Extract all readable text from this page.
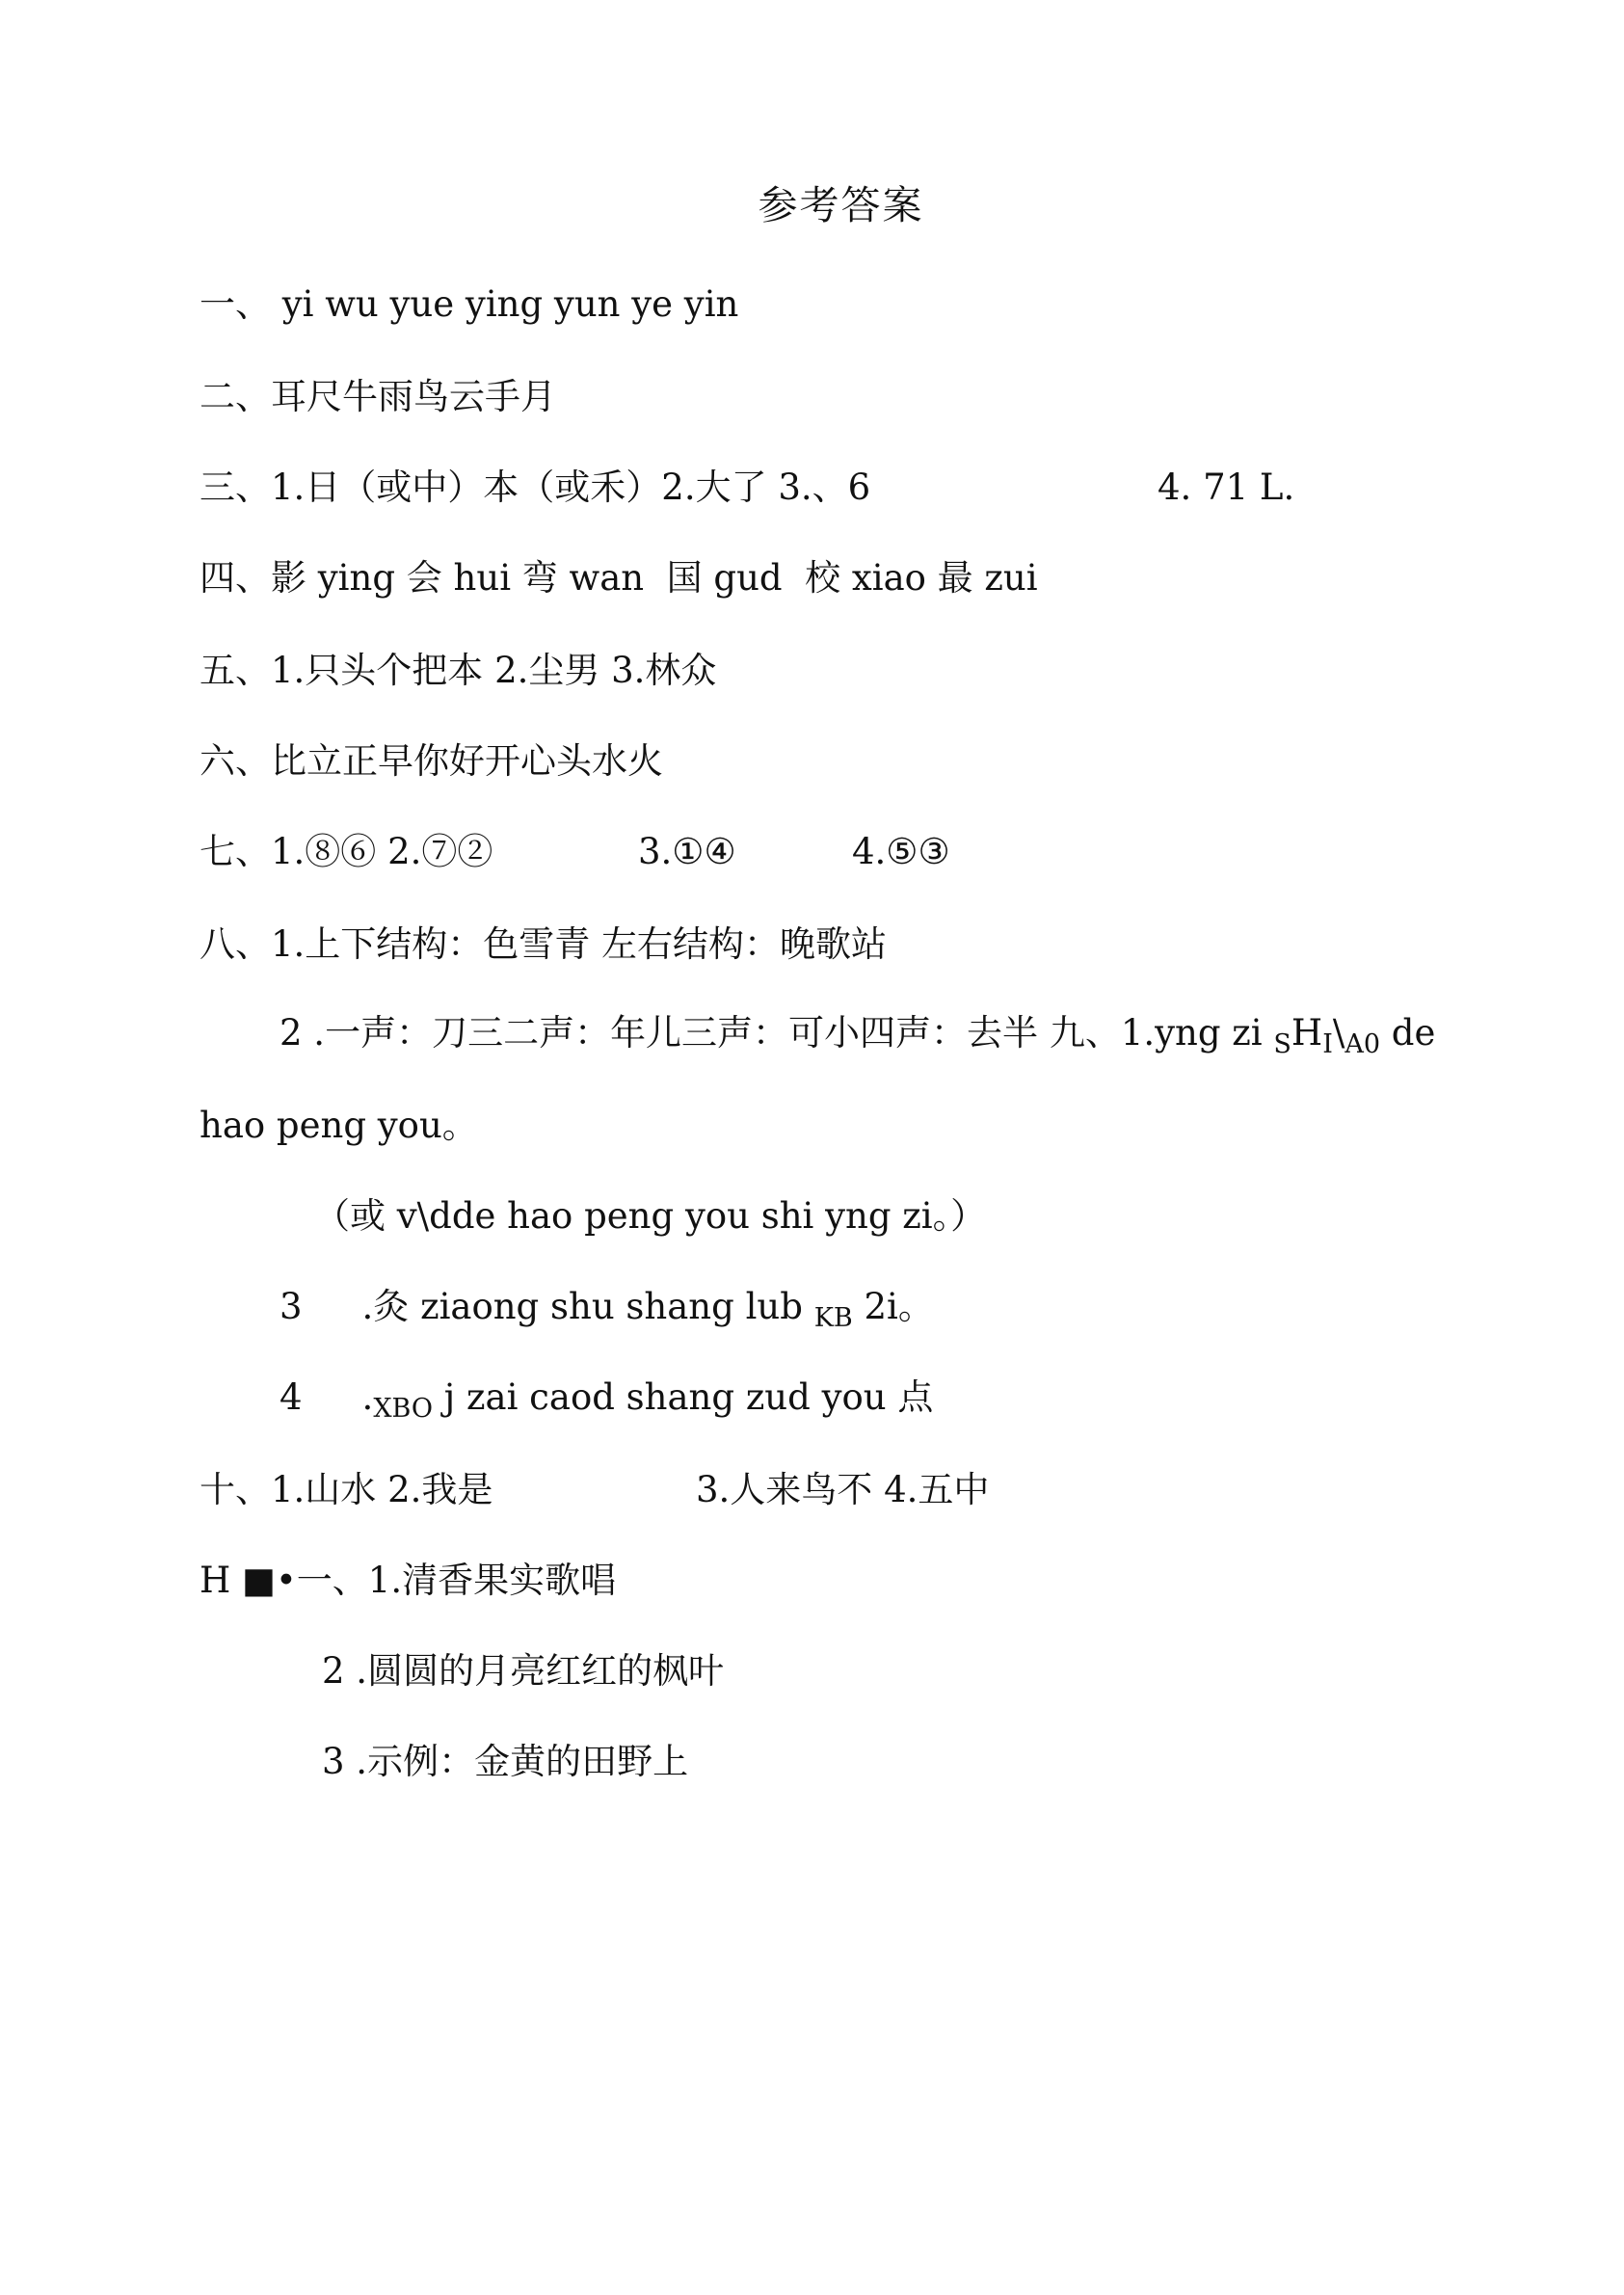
参考答案
一、 yi wu yue ying yun ye yin
二、耳尺牛雨鸟云手月
三、1.日（或中）本（或禾）2.大了 3.、6	4. 71 L.
四、影 ying 会 hui 弯 wan  国 gud  校 xiao 最 zui
五、1.只头个把本 2.尘男 3.林众
六、比立正早你好开心头水火
七、1.⑧⑥ 2.⑦②	3.①④	4.⑤③
八、1.上下结构：色雪青 左右结构：晚歌站
2 .一声：刀三二声：年儿三声：可小四声：去半 九、1.yng zi $_SH_I\backslash_{A0}$ de
hao peng you。
（或 v\dde hao peng you shi yng zi。）
3 .灸 ziaong shu shang lub $_{KB}$ 2i。
4 $._{XBO}$ j zai caod shang zud you 点
十、1.山水 2.我是	3.人来鸟不 4.五中
H ■•一、1.清香果实歌唱
2 .圆圆的月亮红红的枫叶
3 .示例：金黄的田野上
